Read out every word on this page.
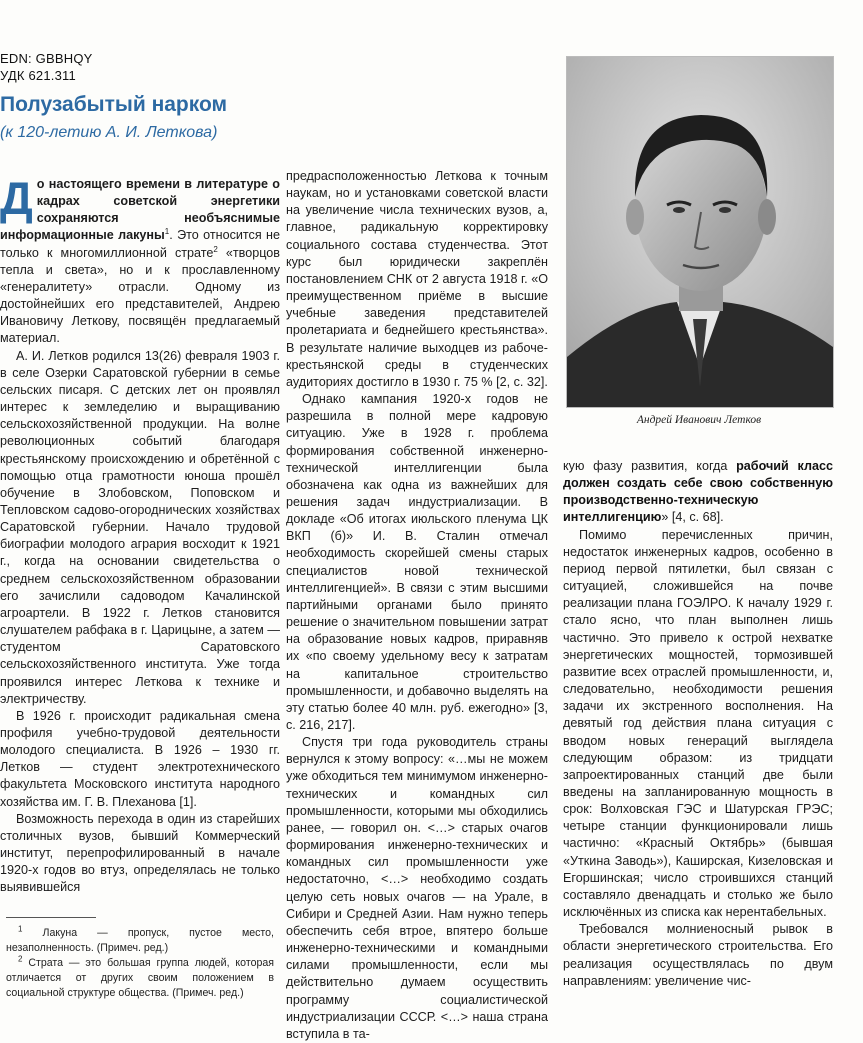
EDN: GBBHQY
УДК 621.311
Полузабытый нарком
(к 120-летию А. И. Леткова)

До настоящего времени в литературе о кадрах советской энергетики сохраняются необъяснимые информационные лакуны$^1$. Это относится не только к многомиллионной страте$^2$ «творцов тепла и света», но и к прославленному «генералитету» отрасли. Одному из достойнейших его представителей, Андрею Ивановичу Леткову, посвящён предлагаемый материал.

А. И. Летков родился 13(26) февраля 1903 г. в селе Озерки Саратовской губернии в семье сельских писаря. С детских лет он проявлял интерес к земледелию и выращиванию сельскохозяйственной продукции. На волне революционных событий благодаря крестьянскому происхождению и обретённой с помощью отца грамотности юноша прошёл обучение в Злобовском, Поповском и Тепловском садово-огороднических хозяйствах Саратовской губернии. Начало трудовой биографии молодого агрария восходит к 1921 г., когда на основании свидетельства о среднем сельскохозяйственном образовании его зачислили садоводом Качалинской агроартели. В 1922 г. Летков становится слушателем рабфака в г. Царицыне, а затем — студентом Саратовского сельскохозяйственного института. Уже тогда проявился интерес Леткова к технике и электричеству.

В 1926 г. происходит радикальная смена профиля учебно-трудовой деятельности молодого специалиста. В 1926 – 1930 гг. Летков — студент электротехнического факультета Московского института народного хозяйства им. Г. В. Плеханова [1].

Возможность перехода в один из старейших столичных вузов, бывший Коммерческий институт, перепрофилированный в начале 1920-х годов во втуз, определялась не только выявившейся

$^1$ Лакуна — пропуск, пустое место, незаполненность. (Примеч. ред.)

$^2$ Страта — это большая группа людей, которая отличается от других своим положением в социальной структуре общества. (Примеч. ред.)

предрасположенностью Леткова к точным наукам, но и установками советской власти на увеличение числа технических вузов, а, главное, радикальную корректировку социального состава студенчества. Этот курс был юридически закреплён постановлением СНК от 2 августа 1918 г. «О преимущественном приёме в высшие учебные заведения представителей пролетариата и беднейшего крестьянства». В результате наличие выходцев из рабоче-крестьянской среды в студенческих аудиториях достигло в 1930 г. 75 % [2, с. 32].

Однако кампания 1920-х годов не разрешила в полной мере кадровую ситуацию. Уже в 1928 г. проблема формирования собственной инженерно-технической интеллигенции была обозначена как одна из важнейших для решения задач индустриализации. В докладе «Об итогах июльского пленума ЦК ВКП (б)» И. В. Сталин отмечал необходимость скорейшей смены старых специалистов новой технической интеллигенцией». В связи с этим высшими партийными органами было принято решение о значительном повышении затрат на образование новых кадров, приравняв их «по своему удельному весу к затратам на капитальное строительство промышленности, и добавочно выделять на эту статью более 40 млн. руб. ежегодно» [3, с. 216, 217].

Спустя три года руководитель страны вернулся к этому вопросу: «…мы не можем уже обходиться тем минимумом инженерно-технических и командных сил промышленности, которыми мы обходились ранее, — говорил он. <…> старых очагов формирования инженерно-технических и командных сил промышленности уже недостаточно, <…> необходимо создать целую сеть новых очагов — на Урале, в Сибири и Средней Азии. Нам нужно теперь обеспечить себя втрое, впятеро больше инженерно-техническими и командными силами промышленности, если мы действительно думаем осуществить программу социалистической индустриализации СССР. <…> наша страна вступила в та-

Андрей Иванович Летков

кую фазу развития, когда рабочий класс должен создать себе свою собственную производственно-техническую интеллигенцию» [4, с. 68].

Помимо перечисленных причин, недостаток инженерных кадров, особенно в период первой пятилетки, был связан с ситуацией, сложившейся на почве реализации плана ГОЭЛРО. К началу 1929 г. стало ясно, что план выполнен лишь частично. Это привело к острой нехватке энергетических мощностей, тормозившей развитие всех отраслей промышленности, и, следовательно, необходимости решения задачи их экстренного восполнения. На девятый год действия плана ситуация с вводом новых генераций выглядела следующим образом: из тридцати запроектированных станций две были введены на запланированную мощность в срок: Волховская ГЭС и Шатурская ГРЭС; четыре станции функционировали лишь частично: «Красный Октябрь» (бывшая «Уткина Заводь»), Каширская, Кизеловская и Егоршинская; число строившихся станций составляло двенадцать и столько же было исключённых из списка как нерентабельных.

Требовался молниеносный рывок в области энергетического строительства. Его реализация осуществлялась по двум направлениям: увеличение чис-
